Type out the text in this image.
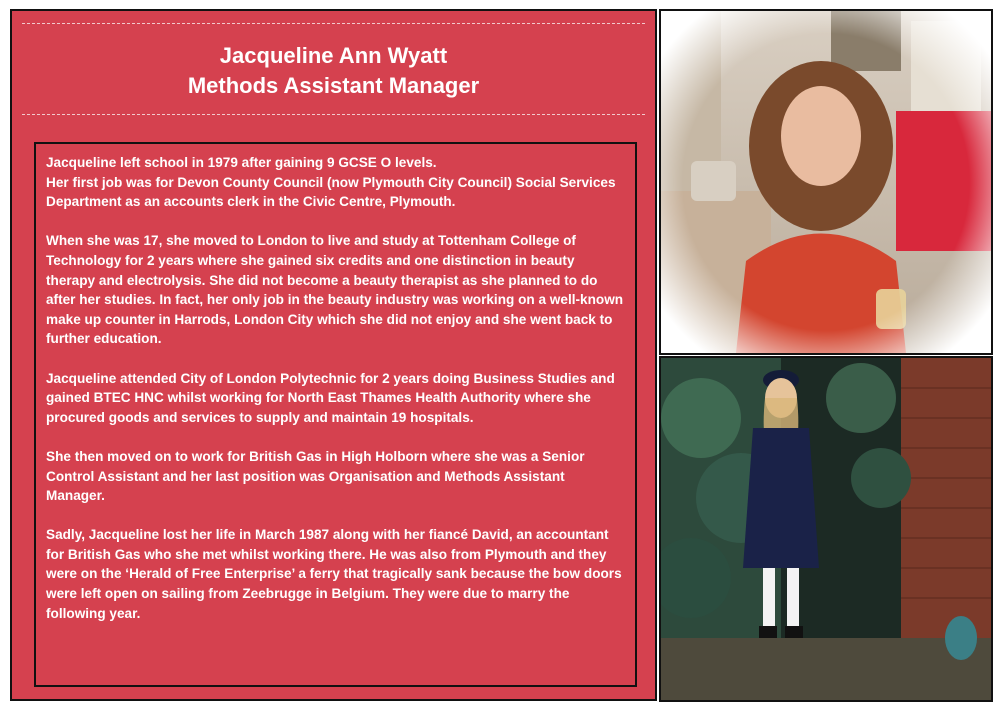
Jacqueline Ann Wyatt
Methods Assistant Manager

Jacqueline left school in 1979 after gaining 9 GCSE O levels.
Her first job was for Devon County Council (now Plymouth City Council) Social Services Department as an accounts clerk in the Civic Centre, Plymouth.

When she was 17, she moved to London to live and study at Tottenham College of Technology for 2 years where she gained six credits and one distinction in beauty therapy and electrolysis. She did not become a beauty therapist as she planned to do after her studies. In fact, her only job in the beauty industry was working on a well-known make up counter in Harrods, London City which she did not enjoy and she went back to further education.

Jacqueline attended City of London Polytechnic for 2 years doing Business Studies and gained BTEC HNC whilst working for North East Thames Health Authority where she procured goods and services to supply and maintain 19 hospitals.

She then moved on to work for British Gas in High Holborn where she was a Senior Control Assistant and her last position was Organisation and Methods Assistant Manager.

Sadly, Jacqueline lost her life in March 1987 along with her fiancé David, an accountant for British Gas who she met whilst working there. He was also from Plymouth and they were on the ‘Herald of Free Enterprise’ a ferry that tragically sank because the bow doors were left open on sailing from Zeebrugge in Belgium. They were due to marry the following year.
